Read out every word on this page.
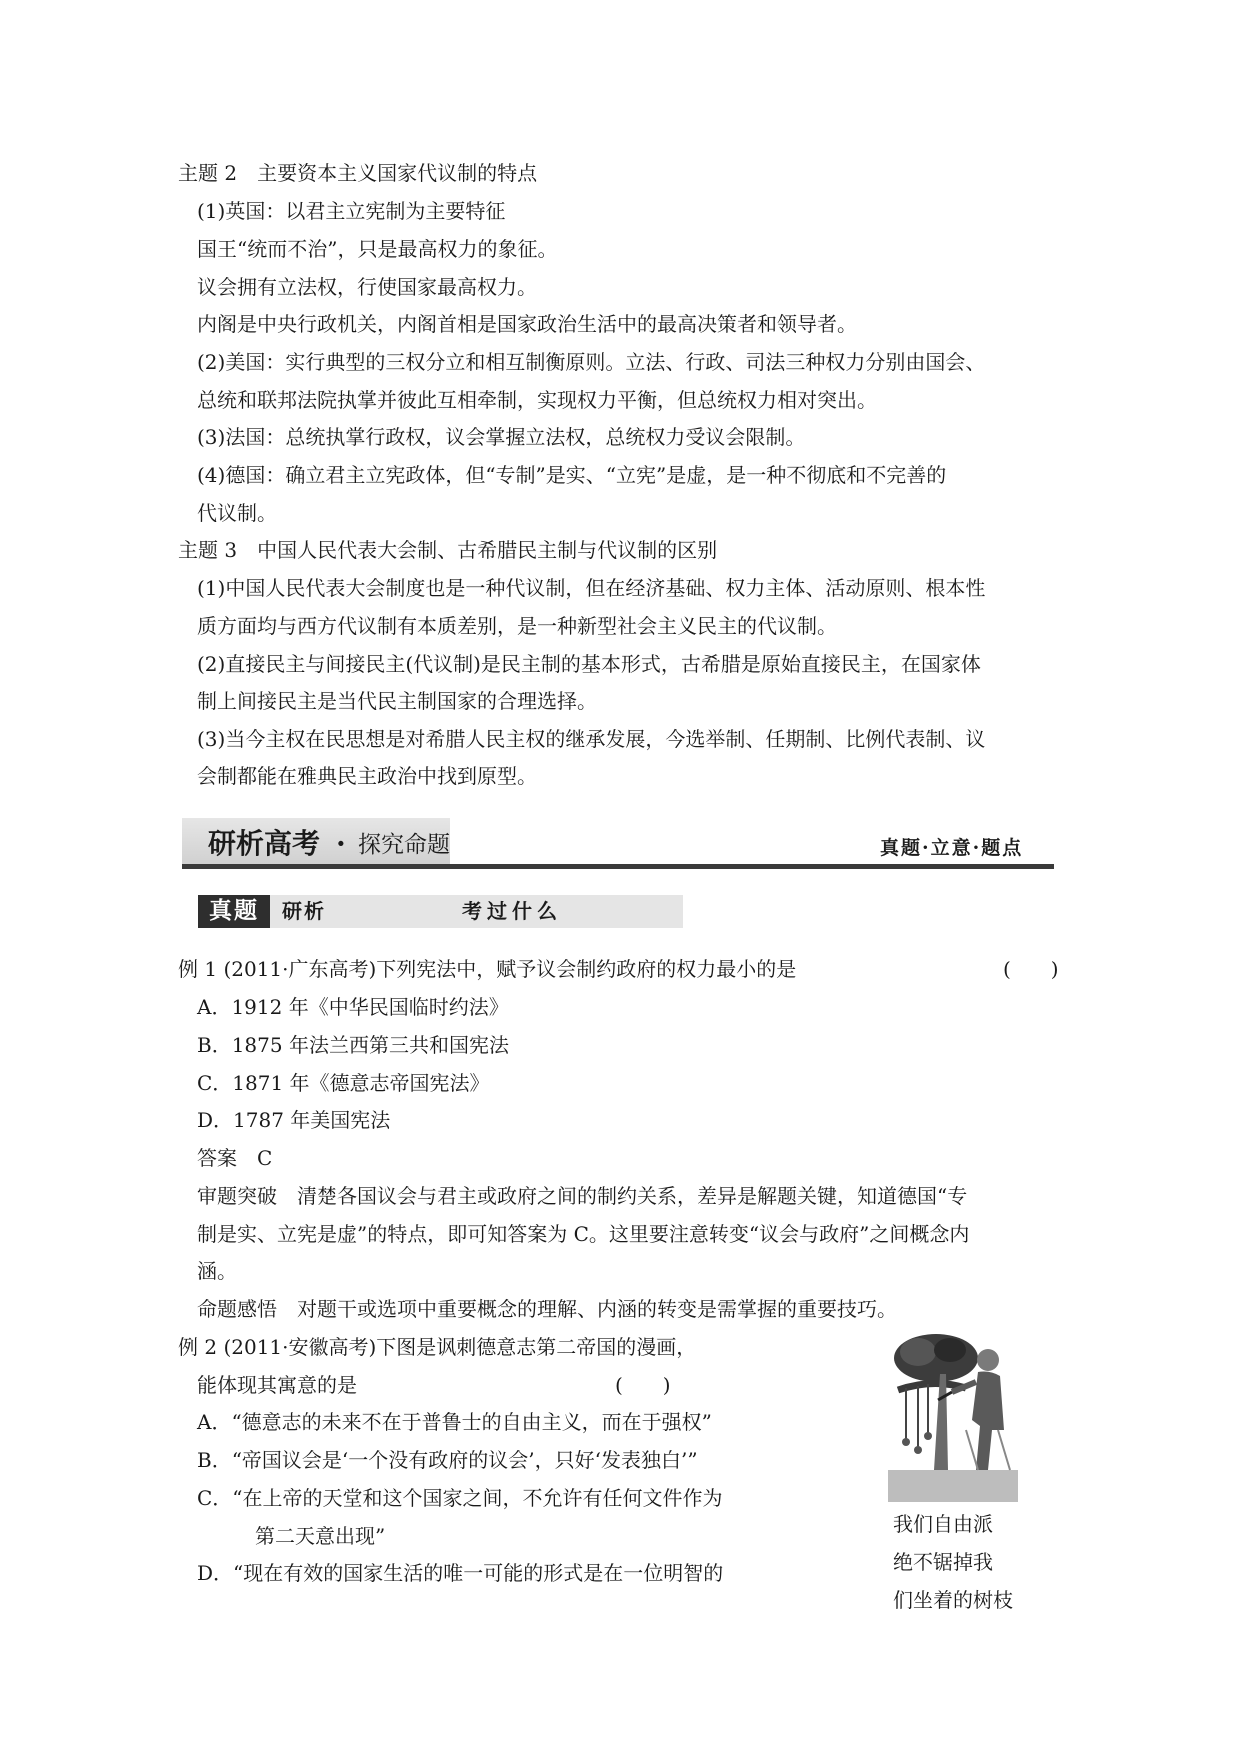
主题 2　主要资本主义国家代议制的特点
(1)英国：以君主立宪制为主要特征
国王“统而不治”，只是最高权力的象征。
议会拥有立法权，行使国家最高权力。
内阁是中央行政机关，内阁首相是国家政治生活中的最高决策者和领导者。
(2)美国：实行典型的三权分立和相互制衡原则。立法、行政、司法三种权力分别由国会、
总统和联邦法院执掌并彼此互相牵制，实现权力平衡，但总统权力相对突出。
(3)法国：总统执掌行政权，议会掌握立法权，总统权力受议会限制。
(4)德国：确立君主立宪政体，但“专制”是实、“立宪”是虚，是一种不彻底和不完善的
代议制。
主题 3　中国人民代表大会制、古希腊民主制与代议制的区别
(1)中国人民代表大会制度也是一种代议制，但在经济基础、权力主体、活动原则、根本性
质方面均与西方代议制有本质差别，是一种新型社会主义民主的代议制。
(2)直接民主与间接民主(代议制)是民主制的基本形式，古希腊是原始直接民主，在国家体
制上间接民主是当代民主制国家的合理选择。
(3)当今主权在民思想是对希腊人民主权的继承发展，今选举制、任期制、比例代表制、议
会制都能在雅典民主政治中找到原型。
研析高考 · 探究命题	真题·立意·题点
真题	研析	考过什么
例 1 (2011·广东高考)下列宪法中，赋予议会制约政府的权力最小的是	(　　)
A．1912 年《中华民国临时约法》
B．1875 年法兰西第三共和国宪法
C．1871 年《德意志帝国宪法》
D．1787 年美国宪法
答案　C
审题突破　清楚各国议会与君主或政府之间的制约关系，差异是解题关键，知道德国“专
制是实、立宪是虚”的特点，即可知答案为 C。这里要注意转变“议会与政府”之间概念内
涵。
命题感悟　对题干或选项中重要概念的理解、内涵的转变是需掌握的重要技巧。
例 2 (2011·安徽高考)下图是讽刺德意志第二帝国的漫画，
能体现其寓意的是	(　　)
A．“德意志的未来不在于普鲁士的自由主义，而在于强权”
B．“帝国议会是‘一个没有政府的议会’，只好‘发表独白’”
C．“在上帝的天堂和这个国家之间，不允许有任何文件作为
第二天意出现”
D．“现在有效的国家生活的唯一可能的形式是在一位明智的
我们自由派
绝不锯掉我
们坐着的树枝
